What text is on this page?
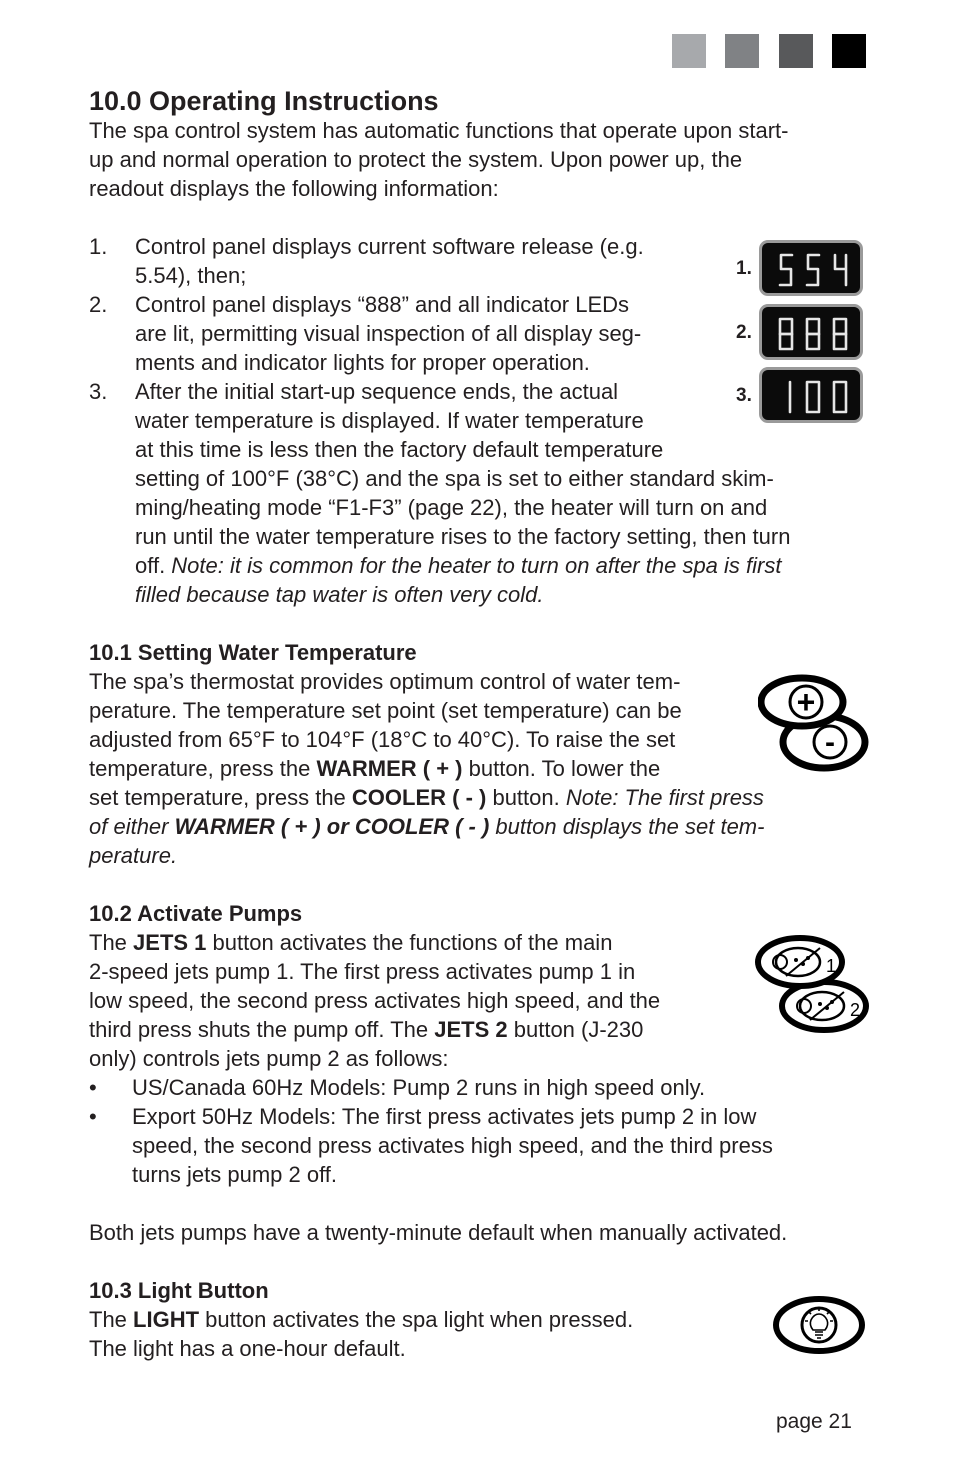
10.0 Operating Instructions

The spa control system has automatic functions that operate upon start-

up and normal operation to protect the system. Upon power up, the

readout displays the following information:

1. Control panel displays current software release (e.g.

5.54), then;

2. Control panel displays “888” and all indicator LEDs

are lit, permitting visual inspection of all display seg-

ments and indicator lights for proper operation.

3. After the initial start-up sequence ends, the actual

water temperature is displayed. If water temperature

at this time is less then the factory default temperature

setting of 100°F (38°C) and the spa is set to either standard skim-

ming/heating mode “F1-F3” (page 22), the heater will turn on and

run until the water temperature rises to the factory setting, then turn

off. Note: it is common for the heater to turn on after the spa is first

filled because tap water is often very cold.

1.
2.
3.

10.1 Setting Water Temperature

The spa’s thermostat provides optimum control of water tem-

perature. The temperature set point (set temperature) can be

adjusted from 65°F to 104°F (18°C to 40°C). To raise the set

temperature, press the WARMER ( + ) button. To lower the

set temperature, press the COOLER ( - ) button. Note: The first press

of either WARMER ( + ) or COOLER ( - ) button displays the set tem-

perature.

-
+

10.2 Activate Pumps

The JETS 1 button activates the functions of the main

2-speed jets pump 1. The first press activates pump 1 in

low speed, the second press activates high speed, and the

third press shuts the pump off. The JETS 2 button (J-230

only) controls jets pump 2 as follows:

• US/Canada 60Hz Models: Pump 2 runs in high speed only.

• Export 50Hz Models: The first press activates jets pump 2 in low

speed, the second press activates high speed, and the third press

turns jets pump 2 off.

Both jets pumps have a twenty-minute default when manually activated.

2
1

10.3 Light Button

The LIGHT button activates the spa light when pressed.

The light has a one-hour default.

page 21
